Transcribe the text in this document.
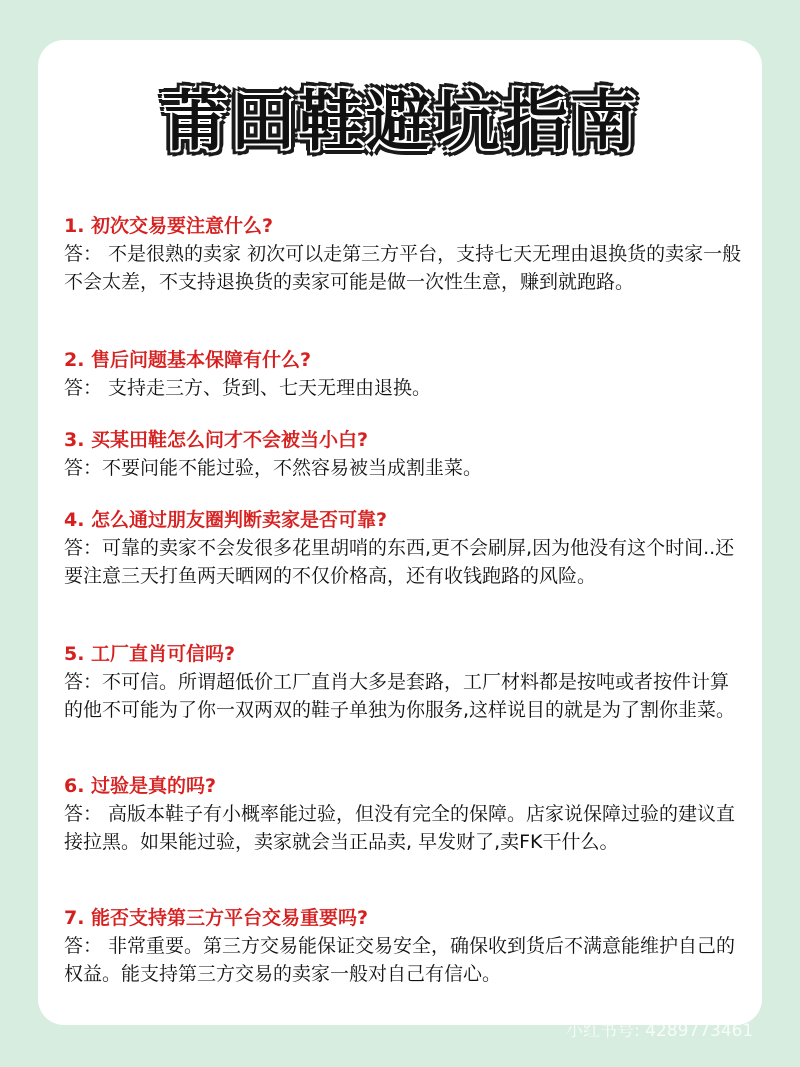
莆田鞋避坑指南
1. 初次交易要注意什么?
答： 不是很熟的卖家 初次可以走第三方平台，支持七天无理由退换货的卖家一般不会太差，不支持退换货的卖家可能是做一次性生意，赚到就跑路。
2. 售后问题基本保障有什么?
答： 支持走三方、货到、七天无理由退换。
3. 买某田鞋怎么问才不会被当小白?
答：不要问能不能过验，不然容易被当成割韭菜。
4. 怎么通过朋友圈判断卖家是否可靠?
答：可靠的卖家不会发很多花里胡哨的东西,更不会刷屏,因为他没有这个时间..还要注意三天打鱼两天晒网的不仅价格高，还有收钱跑路的风险。
5. 工厂直肖可信吗?
答：不可信。所谓超低价工厂直肖大多是套路，工厂材料都是按吨或者按件计算的他不可能为了你一双两双的鞋子单独为你服务,这样说目的就是为了割你韭菜。
6. 过验是真的吗?
答： 高版本鞋子有小概率能过验，但没有完全的保障。店家说保障过验的建议直接拉黑。如果能过验，卖家就会当正品卖, 早发财了,卖FK干什么。
7. 能否支持第三方平台交易重要吗?
答： 非常重要。第三方交易能保证交易安全，确保收到货后不满意能维护自己的权益。能支持第三方交易的卖家一般对自己有信心。
小红书
小红书号: 4289773461
